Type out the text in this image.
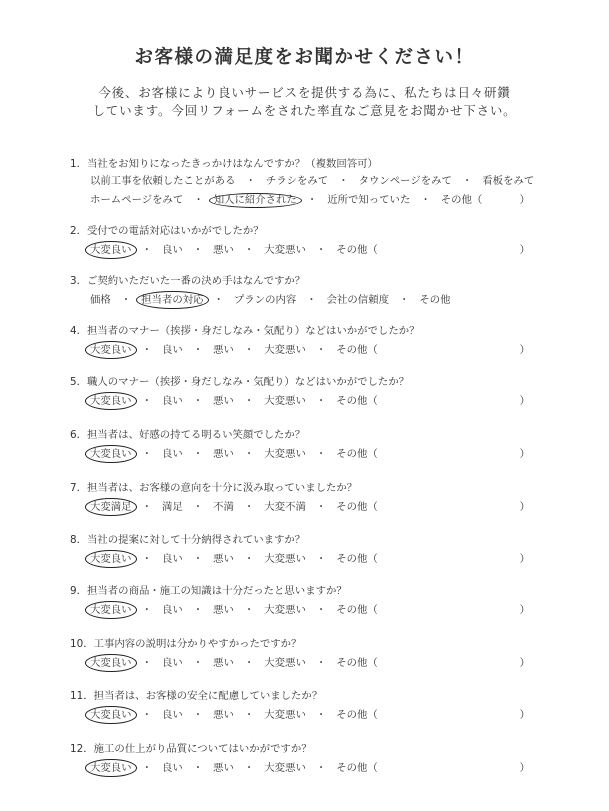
お客様の満足度をお聞かせください！
今後、お客様により良いサービスを提供する為に、私たちは日々研鑽
しています。今回リフォームをされた率直なご意見をお聞かせ下さい。
1．当社をお知りになったきっかけはなんですか？（複数回答可）
以前工事を依頼したことがある ・ チラシをみて ・ タウンページをみて ・ 看板をみて
ホームページをみて ・ 知人に紹介された ・ 近所で知っていた ・ その他（	）
2．受付での電話対応はいかがでしたか？
大変良い ・ 良い ・ 悪い ・ 大変悪い ・ その他（	）
3．ご契約いただいた一番の決め手はなんですか？
価格 ・ 担当者の対応 ・ プランの内容 ・ 会社の信頼度 ・ その他
4．担当者のマナー（挨拶・身だしなみ・気配り）などはいかがでしたか？
大変良い ・ 良い ・ 悪い ・ 大変悪い ・ その他（	）
5．職人のマナー（挨拶・身だしなみ・気配り）などはいかがでしたか？
大変良い ・ 良い ・ 悪い ・ 大変悪い ・ その他（	）
6．担当者は、好感の持てる明るい笑顔でしたか？
大変良い ・ 良い ・ 悪い ・ 大変悪い ・ その他（	）
7．担当者は、お客様の意向を十分に汲み取っていましたか？
大変満足 ・ 満足 ・ 不満 ・ 大変不満 ・ その他（	）
8．当社の提案に対して十分納得されていますか？
大変良い ・ 良い ・ 悪い ・ 大変悪い ・ その他（	）
9．担当者の商品・施工の知識は十分だったと思いますか？
大変良い ・ 良い ・ 悪い ・ 大変悪い ・ その他（	）
10．工事内容の説明は分かりやすかったですか？
大変良い ・ 良い ・ 悪い ・ 大変悪い ・ その他（	）
11．担当者は、お客様の安全に配慮していましたか？
大変良い ・ 良い ・ 悪い ・ 大変悪い ・ その他（	）
12．施工の仕上がり品質についてはいかがですか？
大変良い ・ 良い ・ 悪い ・ 大変悪い ・ その他（	）
